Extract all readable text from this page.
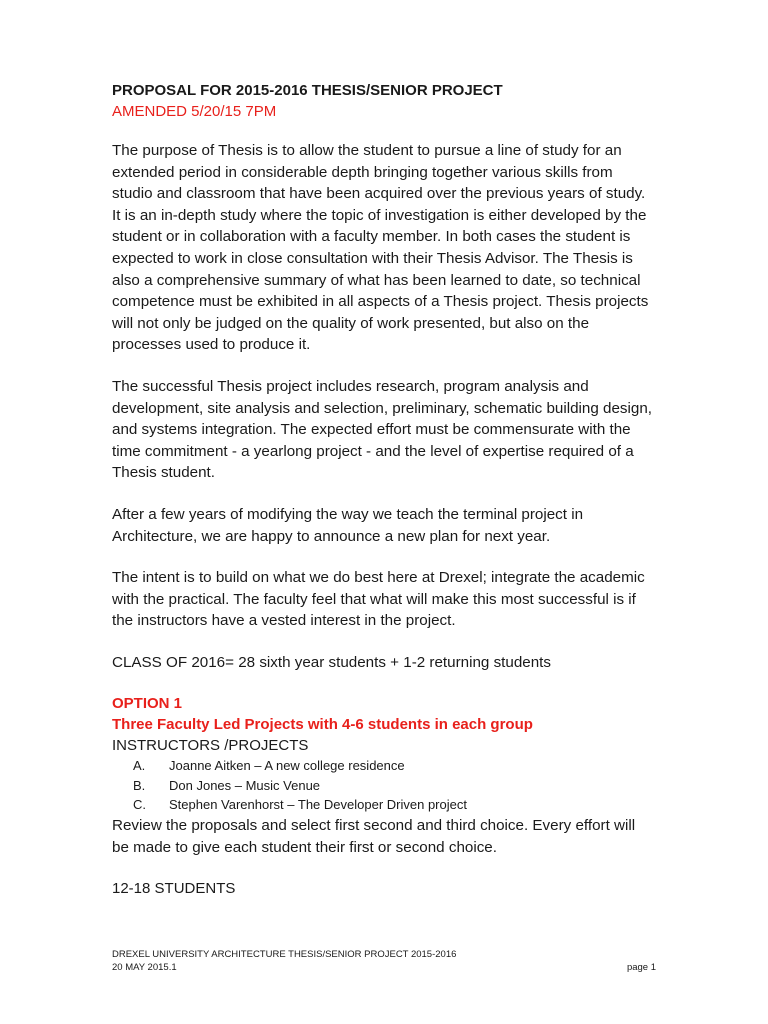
PROPOSAL FOR 2015-2016 THESIS/SENIOR PROJECT
AMENDED 5/20/15 7PM

The purpose of Thesis is to allow the student to pursue a line of study for an extended period in considerable depth bringing together various skills from studio and classroom that have been acquired over the previous years of study. It is an in-depth study where the topic of investigation is either developed by the student or in collaboration with a faculty member. In both cases the student is expected to work in close consultation with their Thesis Advisor. The Thesis is also a comprehensive summary of what has been learned to date, so technical competence must be exhibited in all aspects of a Thesis project. Thesis projects will not only be judged on the quality of work presented, but also on the processes used to produce it.

The successful Thesis project includes research, program analysis and development, site analysis and selection, preliminary, schematic building design, and systems integration. The expected effort must be commensurate with the time commitment - a yearlong project - and the level of expertise required of a Thesis student.

After a few years of modifying the way we teach the terminal project in Architecture, we are happy to announce a new plan for next year.

The intent is to build on what we do best here at Drexel; integrate the academic with the practical. The faculty feel that what will make this most successful is if the instructors have a vested interest in the project.

CLASS OF 2016= 28 sixth year students + 1-2 returning students

OPTION 1
Three Faculty Led Projects with 4-6 students in each group
INSTRUCTORS /PROJECTS
A.	Joanne Aitken – A new college residence
B.	Don Jones – Music Venue
C.	Stephen Varenhorst – The Developer Driven project

Review the proposals and select first second and third choice. Every effort will be made to give each student their first or second choice.

12-18 STUDENTS
DREXEL UNIVERSITY ARCHITECTURE THESIS/SENIOR PROJECT 2015-2016
20 MAY 2015.1	page 1
